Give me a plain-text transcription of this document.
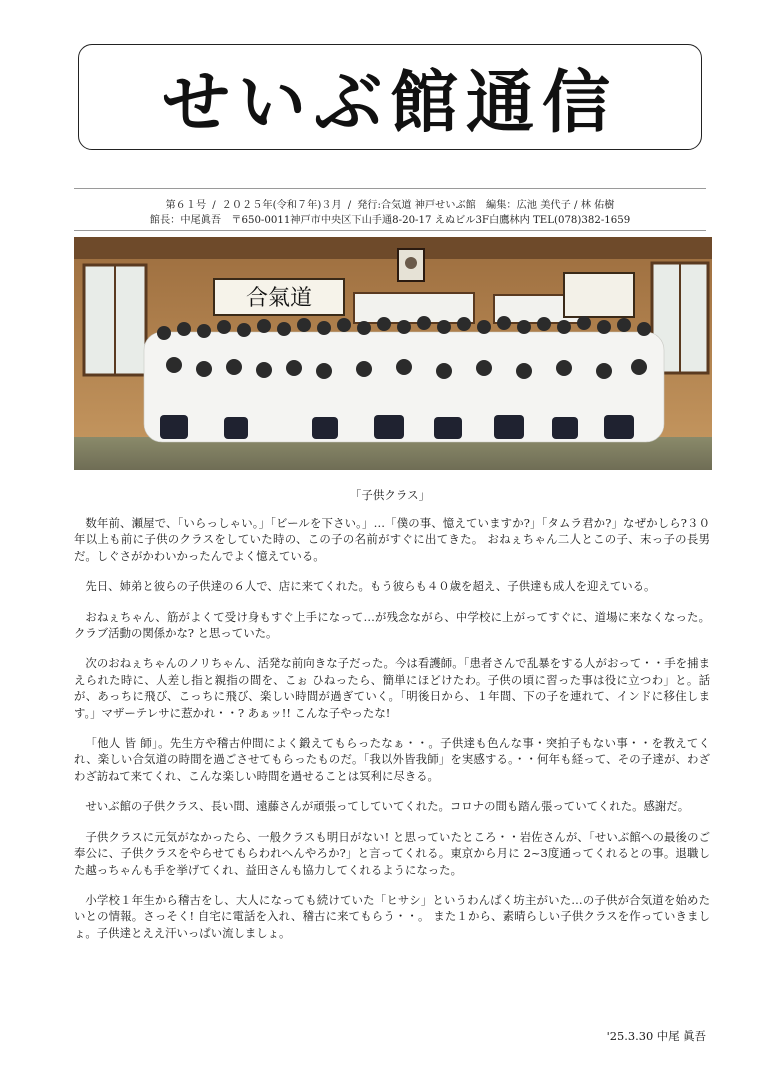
せいぶ館通信
第６１号 / ２０２５年(令和７年)３月 / 発行:合気道 神戸せいぶ館　編集：広池 美代子 / 林 佑樹
館長：中尾眞吾　〒650-0011神戸市中央区下山手通8-20-17 えぬビル3F白鷹林内 TEL(078)382-1659
合氣道
「子供クラス」

数年前、瀬屋で、「いらっしゃい。」「ビールを下さい。」…「僕の事、憶えていますか?」「タムラ君か?」なぜかしら?３０年以上も前に子供のクラスをしていた時の、この子の名前がすぐに出てきた。 おねぇちゃん二人とこの子、末っ子の長男だ。しぐさがかわいかったんでよく憶えている。

先日、姉弟と彼らの子供達の６人で、店に来てくれた。もう彼らも４０歳を超え、子供達も成人を迎えている。

おねぇちゃん、筋がよくて受け身もすぐ上手になって…が残念ながら、中学校に上がってすぐに、道場に来なくなった。クラブ活動の関係かな? と思っていた。

次のおねぇちゃんのノリちゃん、活発な前向きな子だった。今は看護師。「患者さんで乱暴をする人がおって・・手を捕まえられた時に、人差し指と親指の間を、こぉ ひねったら、簡単にほどけたわ。子供の頃に習った事は役に立つわ」と。話が、あっちに飛び、こっちに飛び、楽しい時間が過ぎていく。「明後日から、１年間、下の子を連れて、インドに移住します。」マザーテレサに惹かれ・・? あぁッ!! こんな子やったな!

「他人 皆 師」。先生方や稽古仲間によく鍛えてもらったなぁ・・。子供達も色んな事・突拍子もない事・・を教えてくれ、楽しい合気道の時間を過ごさせてもらったものだ。「我以外皆我師」を実感する。・・何年も経って、その子達が、わざわざ訪ねて来てくれ、こんな楽しい時間を過せることは冥利に尽きる。

せいぶ館の子供クラス、長い間、遠藤さんが頑張ってしていてくれた。コロナの間も踏ん張っていてくれた。感謝だ。

子供クラスに元気がなかったら、一般クラスも明日がない! と思っていたところ・・岩佐さんが、「せいぶ館への最後のご奉公に、子供クラスをやらせてもらわれへんやろか?」と言ってくれる。東京から月に 2~3度通ってくれるとの事。退職した越っちゃんも手を挙げてくれ、益田さんも協力してくれるようになった。

小学校１年生から稽古をし、大人になっても続けていた「ヒサシ」というわんぱく坊主がいた…の子供が合気道を始めたいとの情報。さっそく! 自宅に電話を入れ、稽古に来てもらう・・。 また１から、素晴らしい子供クラスを作っていきましょ。子供達とええ汗いっぱい流しましょ。

'25.3.30 中尾 眞吾
